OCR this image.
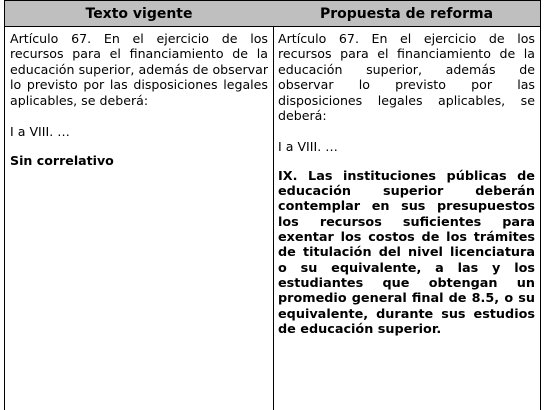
Texto vigente

Artículo 67. En el ejercicio de los recursos para el financiamiento de la educación superior, además de observar lo previsto por las disposiciones legales aplicables, se deberá:

I a VIII. …

Sin correlativo

Propuesta de reforma

Artículo 67. En el ejercicio de los recursos para el financiamiento de la educación superior, además de observar lo previsto por las disposiciones legales aplicables, se deberá:

I a VIII. …

IX. Las instituciones públicas de educación superior deberán contemplar en sus presupuestos los recursos suficientes para exentar los costos de los trámites de titulación del nivel licenciatura o su equivalente, a las y los estudiantes que obtengan un promedio general final de 8.5, o su equivalente, durante sus estudios de educación superior.
